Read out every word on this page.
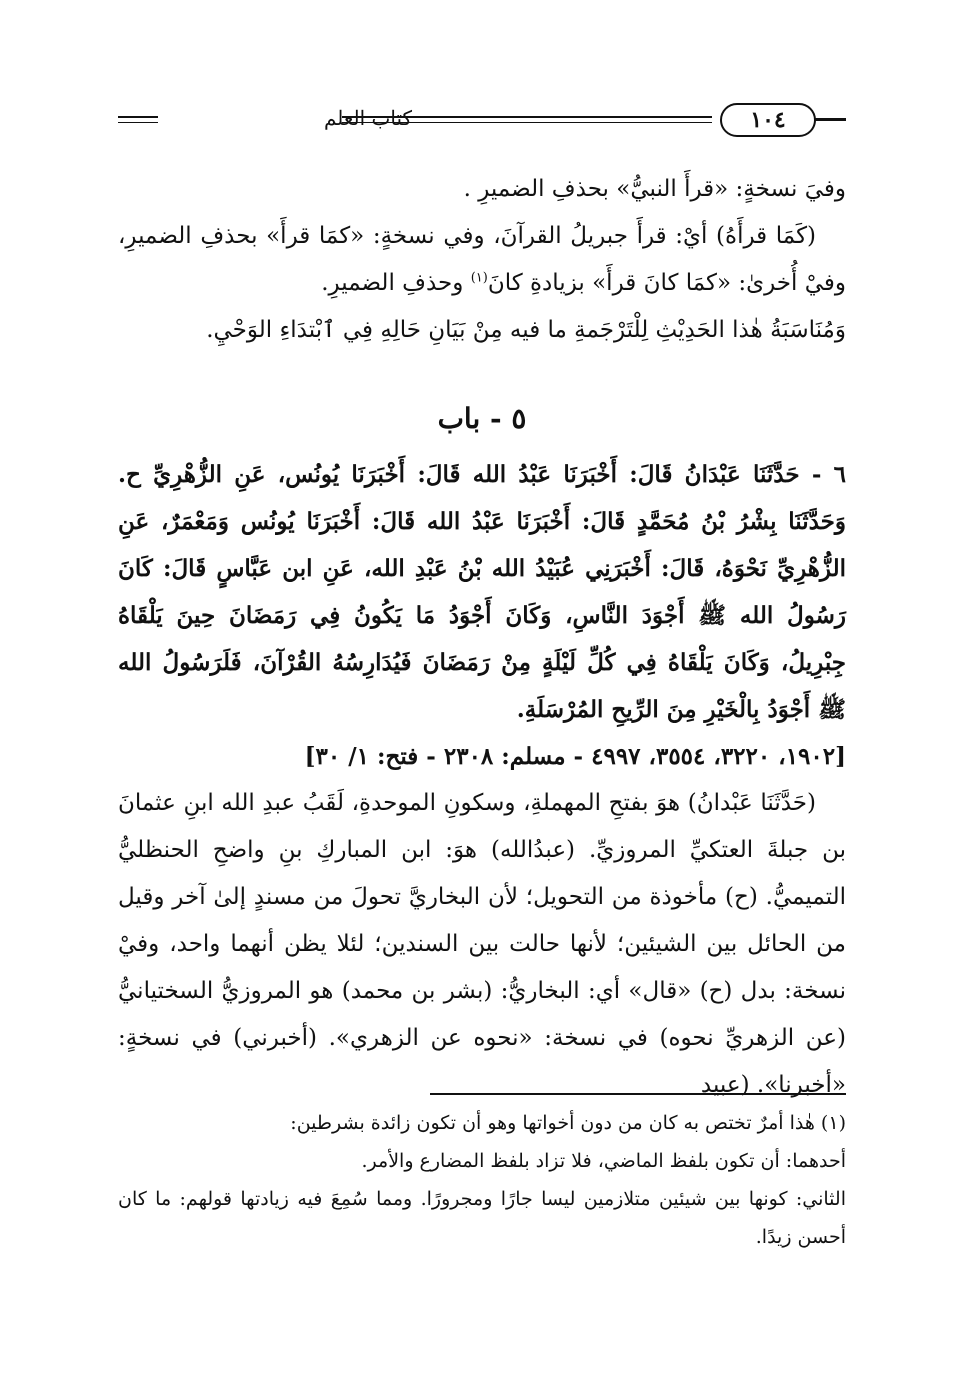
كتاب العلم	١٠٤

وفيَ نسخةٍ: «قرأَ النبيُّ» بحذفِ الضميرِ .

(كَمَا قرأَهُ) أيْ: قرأَ جبريلُ القرآنَ، وفي نسخةٍ: «كمَا قرأَ» بحذفِ الضميرِ، وفيْ أُخرىٰ: «كمَا كانَ قرأَ» بزيادةِ كانَ$^{(١)}$ وحذفِ الضميرِ.

وَمُنَاسَبَةُ هٰذا الحَدِيْثِ لِلْتَرْجَمةِ ما فيه مِنْ بَيَانِ حَالِهِ فِي ٱبْتدَاءِ الوَحْيِ.

٥ - باب

٦ - حَدَّثَنَا عَبْدَانُ قَالَ: أَخْبَرَنَا عَبْدُ الله قَالَ: أَخْبَرَنَا يُونُس، عَنِ الزُّهْرِيِّ ح. وَحَدَّثَنَا بِشْرُ بْنُ مُحَمَّدٍ قَالَ: أَخْبَرَنَا عَبْدُ الله قَالَ: أَخْبَرَنَا يُونُس وَمَعْمَرٌ، عَنِ الزُّهْرِيِّ نَحْوَهُ، قَالَ: أَخْبَرَنِي عُبَيْدُ الله بْنُ عَبْدِ الله، عَنِ ابن عَبَّاسٍ قَالَ: كَانَ رَسُولُ الله ﷺ أَجْوَدَ النَّاسِ، وَكَانَ أَجْوَدُ مَا يَكُونُ فِي رَمَضَانَ حِينَ يَلْقَاهُ جِبْرِيلُ، وَكَانَ يَلْقَاهُ فِي كُلِّ لَيْلَةٍ مِنْ رَمَضَانَ فَيُدَارِسُهُ القُرْآنَ، فَلَرَسُولُ الله ﷺ أَجْوَدُ بِالْخَيْرِ مِنَ الرِّيحِ المُرْسَلَةِ.

[١٩٠٢، ٣٢٢٠، ٣٥٥٤، ٤٩٩٧ - مسلم: ٢٣٠٨ - فتح: ١/ ٣٠]

(حَدَّثَنَا عَبْدانُ) هوَ بفتحِ المهملةِ، وسكونِ الموحدةِ، لَقَبُ عبدِ الله ابنِ عثمانَ بن جبلةَ العتكيِّ المروزيِّ. (عبدُالله) هوَ: ابن المباركِ بنِ واضحِ الحنظليُّ التميميُّ. (ح) مأخوذة من التحويل؛ لأن البخاريَّ تحولَ من مسندٍ إلىٰ آخر وقيل من الحائل بين الشيئين؛ لأنها حالت بين السندين؛ لئلا يظن أنهما واحد، وفيْ نسخة: بدل (ح) «قال» أي: البخاريُّ: (بشر بن محمد) هو المروزيُّ السختيانيُّ (عن الزهريِّ نحوه) في نسخة: «نحوه عن الزهري». (أخبرني) في نسخةٍ: «أخبرنا». (عبيد

(١) هٰذا أمرٌ تختص به كان من دون أخواتها وهو أن تكون زائدة بشرطين:

أحدهما: أن تكون بلفظ الماضي، فلا تزاد بلفظ المضارع والأمر.

الثاني: كونها بين شيئين متلازمين ليسا جارًا ومجرورًا. ومما سُمِعَ فيه زيادتها قولهم: ما كان أحسن زيدًا.
